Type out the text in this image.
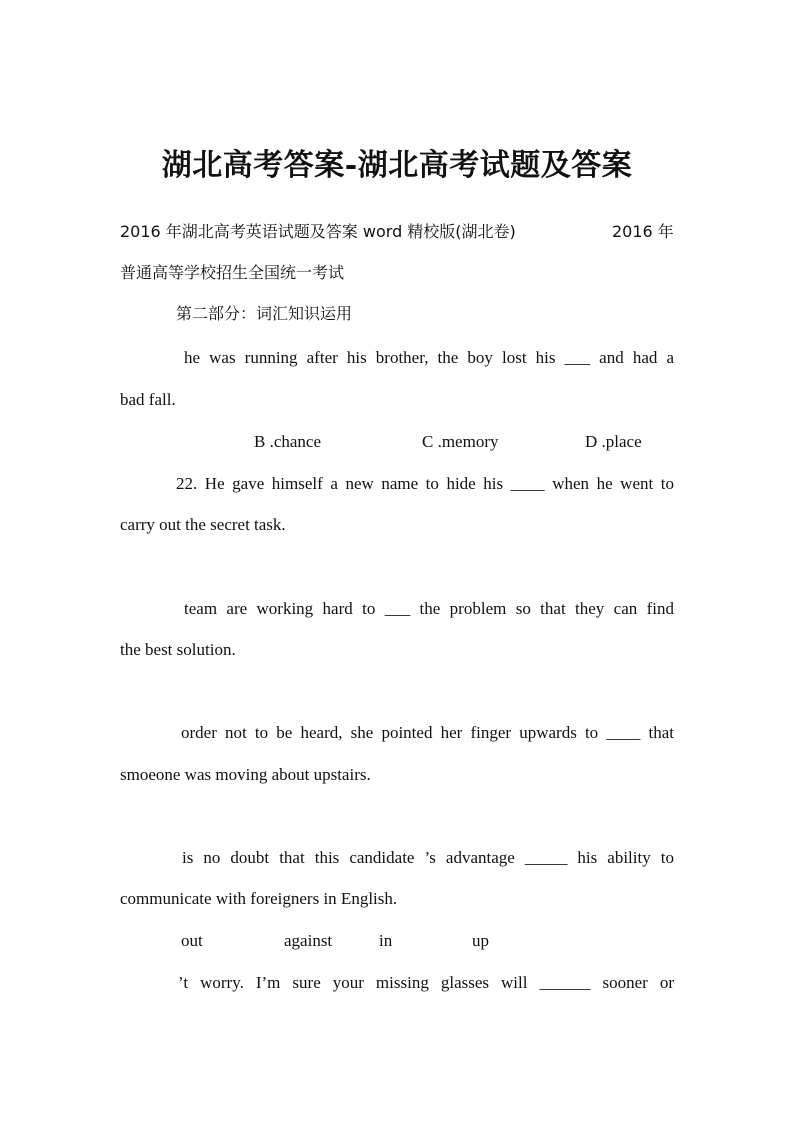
湖北高考答案-湖北高考试题及答案
2016 年湖北高考英语试题及答案 word 精校版(湖北卷)	2016 年
普通高等学校招生全国统一考试
第二部分：词汇知识运用
he was running after his brother, the boy lost his ___ and had a
bad fall.
B .chance	C .memory	D .place
22. He gave himself a new name to hide his ____ when he went to
carry out the secret task.
team are working hard to ___ the problem so that they can find
the best solution.
order not to be heard, she pointed her finger upwards to ____ that
smoeone was moving about upstairs.
is no doubt that this candidate ’s advantage _____ his ability to
communicate with foreigners in English.
out	against	in	up
’t worry. I’m sure your missing glasses will ______ sooner or
